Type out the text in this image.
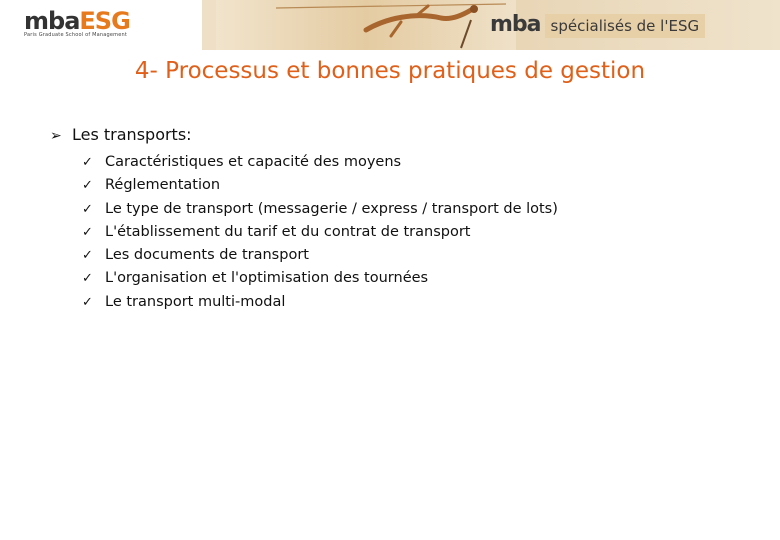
mbaESG
Paris Graduate School of Management	mba spécialisés de l'ESG
4- Processus et bonnes pratiques de gestion
➢ Les transports:
✓ Caractéristiques et capacité des moyens
✓ Réglementation
✓ Le type de transport (messagerie / express / transport de lots)
✓ L'établissement du tarif et du contrat de transport
✓ Les documents de transport
✓ L'organisation et l'optimisation des tournées
✓ Le transport multi-modal
